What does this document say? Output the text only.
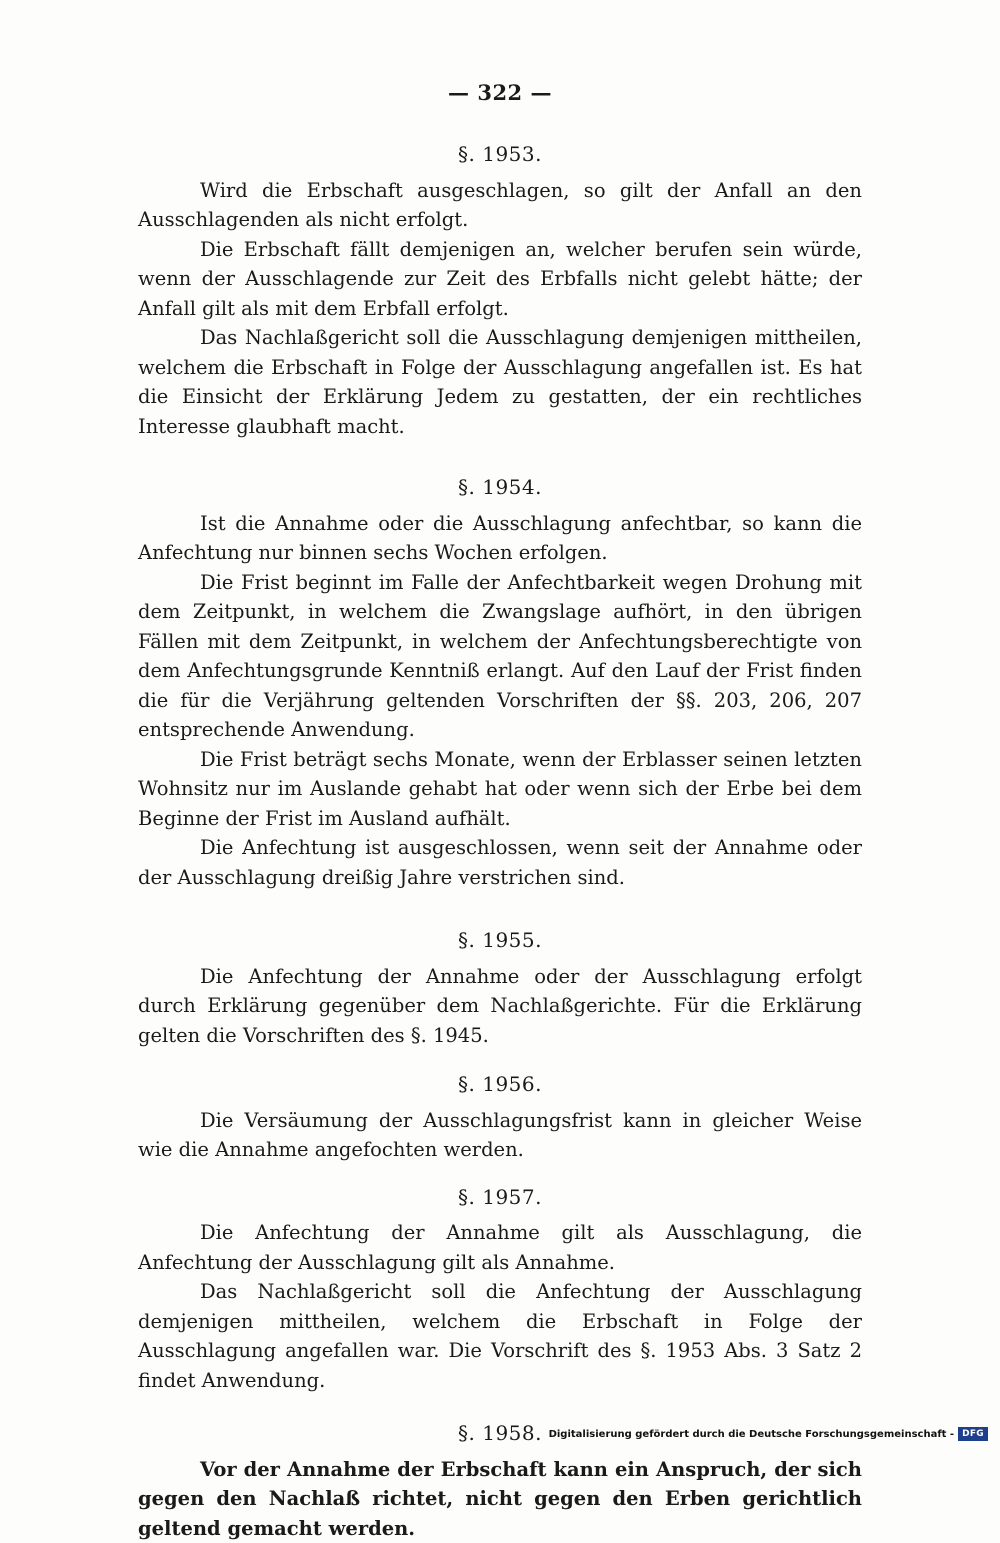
— 322 —
§. 1953.

Wird die Erbschaft ausgeschlagen, so gilt der Anfall an den Ausschlagenden als nicht erfolgt.

Die Erbschaft fällt demjenigen an, welcher berufen sein würde, wenn der Ausschlagende zur Zeit des Erbfalls nicht gelebt hätte; der Anfall gilt als mit dem Erbfall erfolgt.

Das Nachlaßgericht soll die Ausschlagung demjenigen mittheilen, welchem die Erbschaft in Folge der Ausschlagung angefallen ist. Es hat die Einsicht der Erklärung Jedem zu gestatten, der ein rechtliches Interesse glaubhaft macht.

§. 1954.

Ist die Annahme oder die Ausschlagung anfechtbar, so kann die Anfechtung nur binnen sechs Wochen erfolgen.

Die Frist beginnt im Falle der Anfechtbarkeit wegen Drohung mit dem Zeitpunkt, in welchem die Zwangslage aufhört, in den übrigen Fällen mit dem Zeitpunkt, in welchem der Anfechtungsberechtigte von dem Anfechtungsgrunde Kenntniß erlangt. Auf den Lauf der Frist finden die für die Verjährung geltenden Vorschriften der §§. 203, 206, 207 entsprechende Anwendung.

Die Frist beträgt sechs Monate, wenn der Erblasser seinen letzten Wohnsitz nur im Auslande gehabt hat oder wenn sich der Erbe bei dem Beginne der Frist im Ausland aufhält.

Die Anfechtung ist ausgeschlossen, wenn seit der Annahme oder der Ausschlagung dreißig Jahre verstrichen sind.

§. 1955.

Die Anfechtung der Annahme oder der Ausschlagung erfolgt durch Erklärung gegenüber dem Nachlaßgerichte. Für die Erklärung gelten die Vorschriften des §. 1945.

§. 1956.

Die Versäumung der Ausschlagungsfrist kann in gleicher Weise wie die Annahme angefochten werden.

§. 1957.

Die Anfechtung der Annahme gilt als Ausschlagung, die Anfechtung der Ausschlagung gilt als Annahme.

Das Nachlaßgericht soll die Anfechtung der Ausschlagung demjenigen mittheilen, welchem die Erbschaft in Folge der Ausschlagung angefallen war. Die Vorschrift des §. 1953 Abs. 3 Satz 2 findet Anwendung.

§. 1958.

Vor der Annahme der Erbschaft kann ein Anspruch, der sich gegen den Nachlaß richtet, nicht gegen den Erben gerichtlich geltend gemacht werden.

Digitalisierung gefördert durch die Deutsche Forschungsgemeinschaft - DFG
